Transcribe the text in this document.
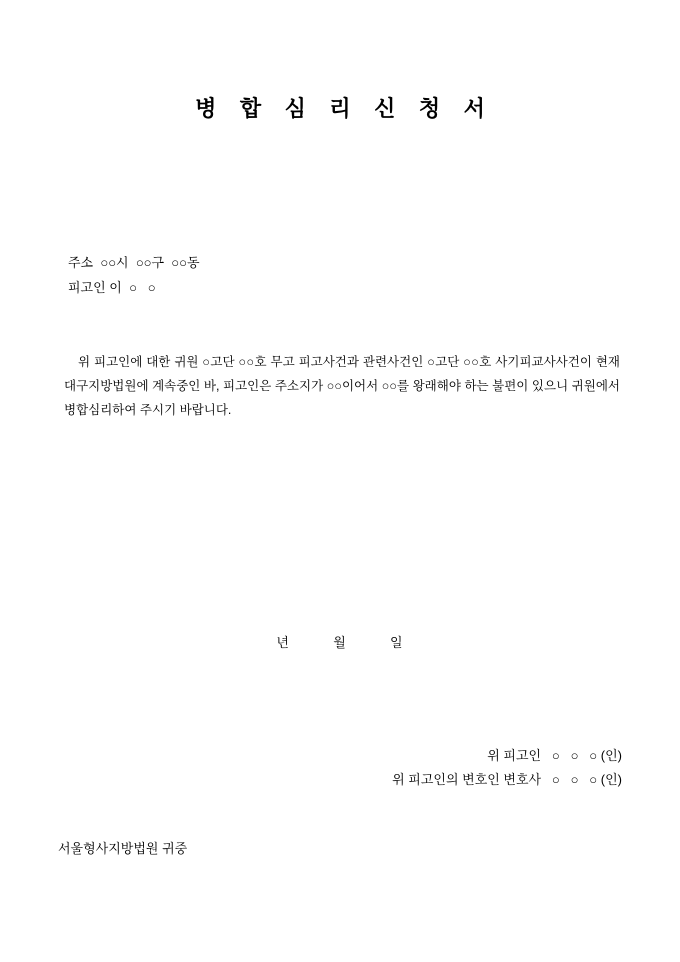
병 합 심 리 신 청 서
주소  ○○시  ○○구  ○○동
피고인 이  ○   ○
위 피고인에 대한 귀원 ○고단 ○○호 무고 피고사건과 관련사건인 ○고단 ○○호 사기피교사사건이 현재 대구지방법원에 계속중인 바, 피고인은 주소지가 ○○이어서 ○○를 왕래해야 하는 불편이 있으니 귀원에서 병합심리하여 주시기 바랍니다.
년	월	일
위 피고인   ○   ○   ○ (인)
위 피고인의 변호인 변호사   ○   ○   ○ (인)
서울형사지방법원 귀중
